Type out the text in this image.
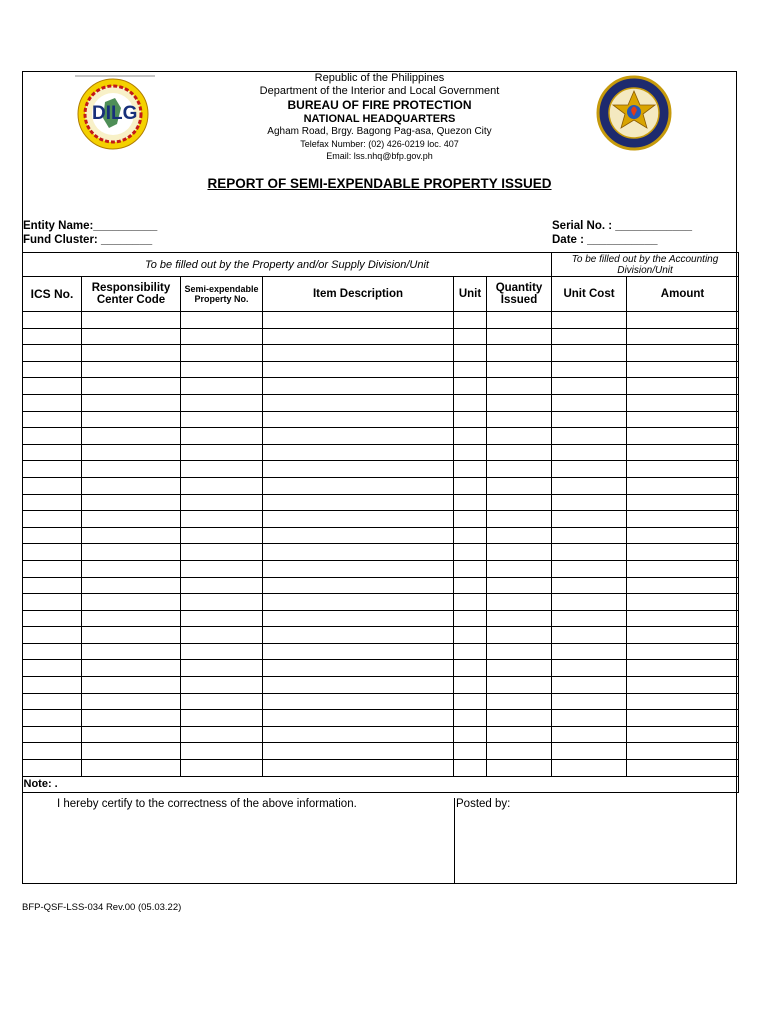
DILG
Republic of the Philippines
Department of the Interior and Local Government
BUREAU OF FIRE PROTECTION
NATIONAL HEADQUARTERS
Agham Road, Brgy. Bagong Pag-asa, Quezon City
Telefax Number: (02) 426-0219 loc. 407
Email: lss.nhq@bfp.gov.ph
REPORT OF SEMI-EXPENDABLE PROPERTY ISSUED
Entity Name:__________
Fund Cluster: ________
Serial No. : ____________
Date : ___________
To be filled out by the Property and/or Supply Division/Unit						To be filled out by the Accounting Division/Unit	
ICS No.	Responsibility Center Code	Semi-expendable Property No.	Item Description	Unit	Quantity Issued	Unit Cost	Amount

Note: .							
I hereby certify to the correctness of the above information.	Posted by:
BFP-QSF-LSS-034 Rev.00 (05.03.22)
